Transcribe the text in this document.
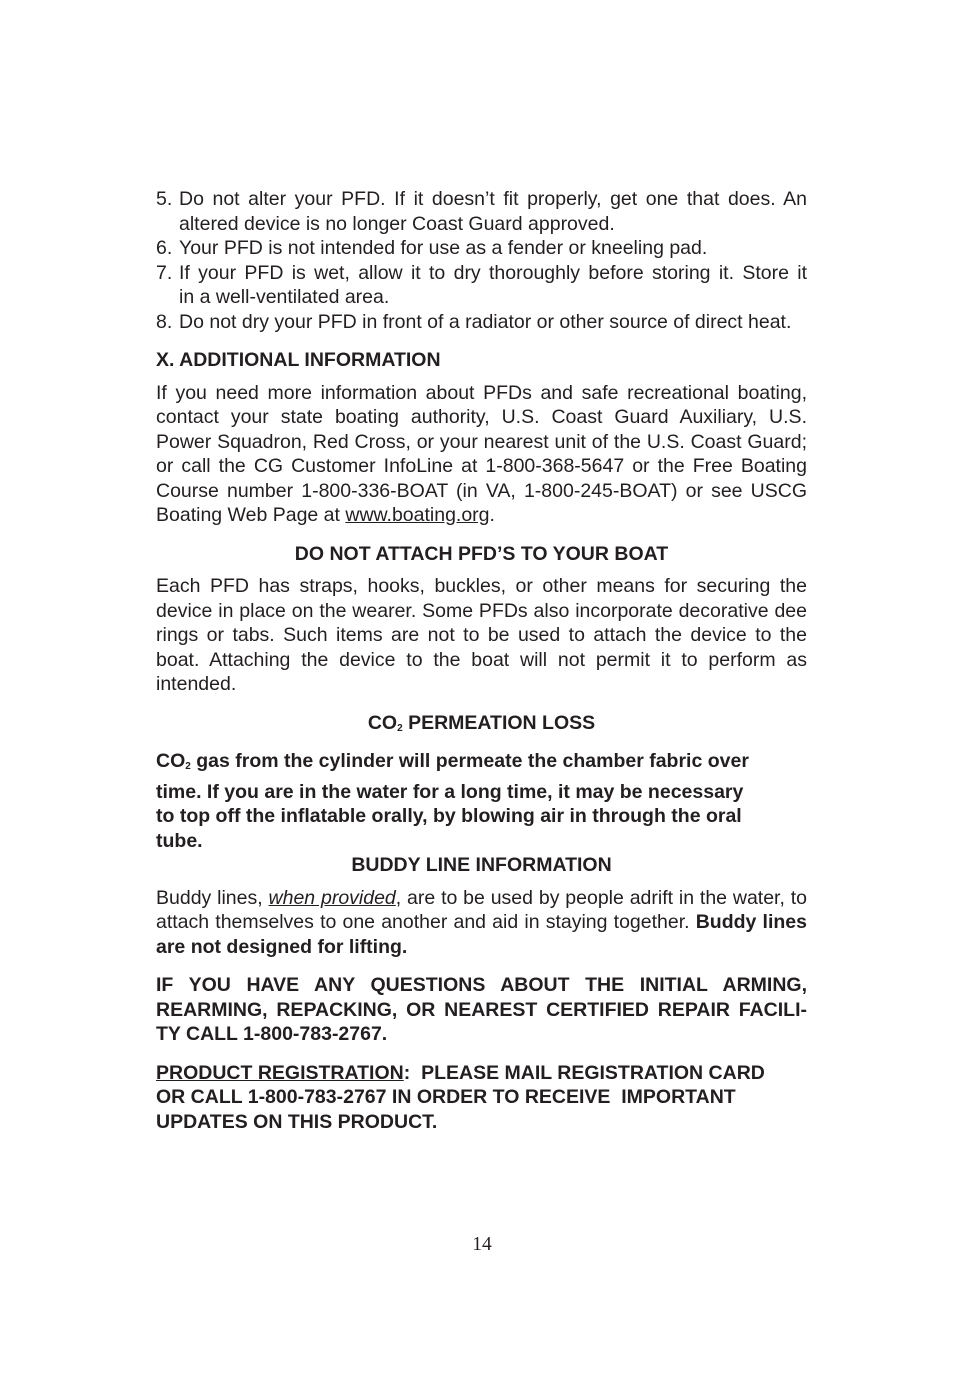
5. Do not alter your PFD. If it doesn’t fit properly, get one that does. An
altered device is no longer Coast Guard approved.
6. Your PFD is not intended for use as a fender or kneeling pad.
7. If your PFD is wet, allow it to dry thoroughly before storing it. Store it
in a well-ventilated area.
8. Do not dry your PFD in front of a radiator or other source of direct heat.
X. ADDITIONAL INFORMATION

If you need more information about PFDs and safe recreational boating, contact your state boating authority, U.S. Coast Guard Auxiliary, U.S. Power Squadron, Red Cross, or your nearest unit of the U.S. Coast Guard; or call the CG Customer InfoLine at 1-800-368-5647 or the Free Boating Course number 1-800-336-BOAT (in VA, 1-800-245-BOAT) or see USCG Boating Web Page at www.boating.org.

DO NOT ATTACH PFD’S TO YOUR BOAT

Each PFD has straps, hooks, buckles, or other means for securing the device in place on the wearer. Some PFDs also incorporate decorative dee rings or tabs. Such items are not to be used to attach the device to the boat. Attaching the device to the boat will not permit it to perform as intended.

CO2 PERMEATION LOSS
CO2 gas from the cylinder will permeate the chamber fabric over
time. If you are in the water for a long time, it may be necessary
to top off the inflatable orally, by blowing air in through the oral
tube.
BUDDY LINE INFORMATION

Buddy lines, when provided, are to be used by people adrift in the water, to attach themselves to one another and aid in staying together. Buddy lines are not designed for lifting.

IF YOU HAVE ANY QUESTIONS ABOUT THE INITIAL ARMING, REARMING, REPACKING, OR NEAREST CERTIFIED REPAIR FACILI-TY CALL 1-800-783-2767.

PRODUCT REGISTRATION:  PLEASE MAIL REGISTRATION CARD
OR CALL 1-800-783-2767 IN ORDER TO RECEIVE  IMPORTANT
UPDATES ON THIS PRODUCT.
14
